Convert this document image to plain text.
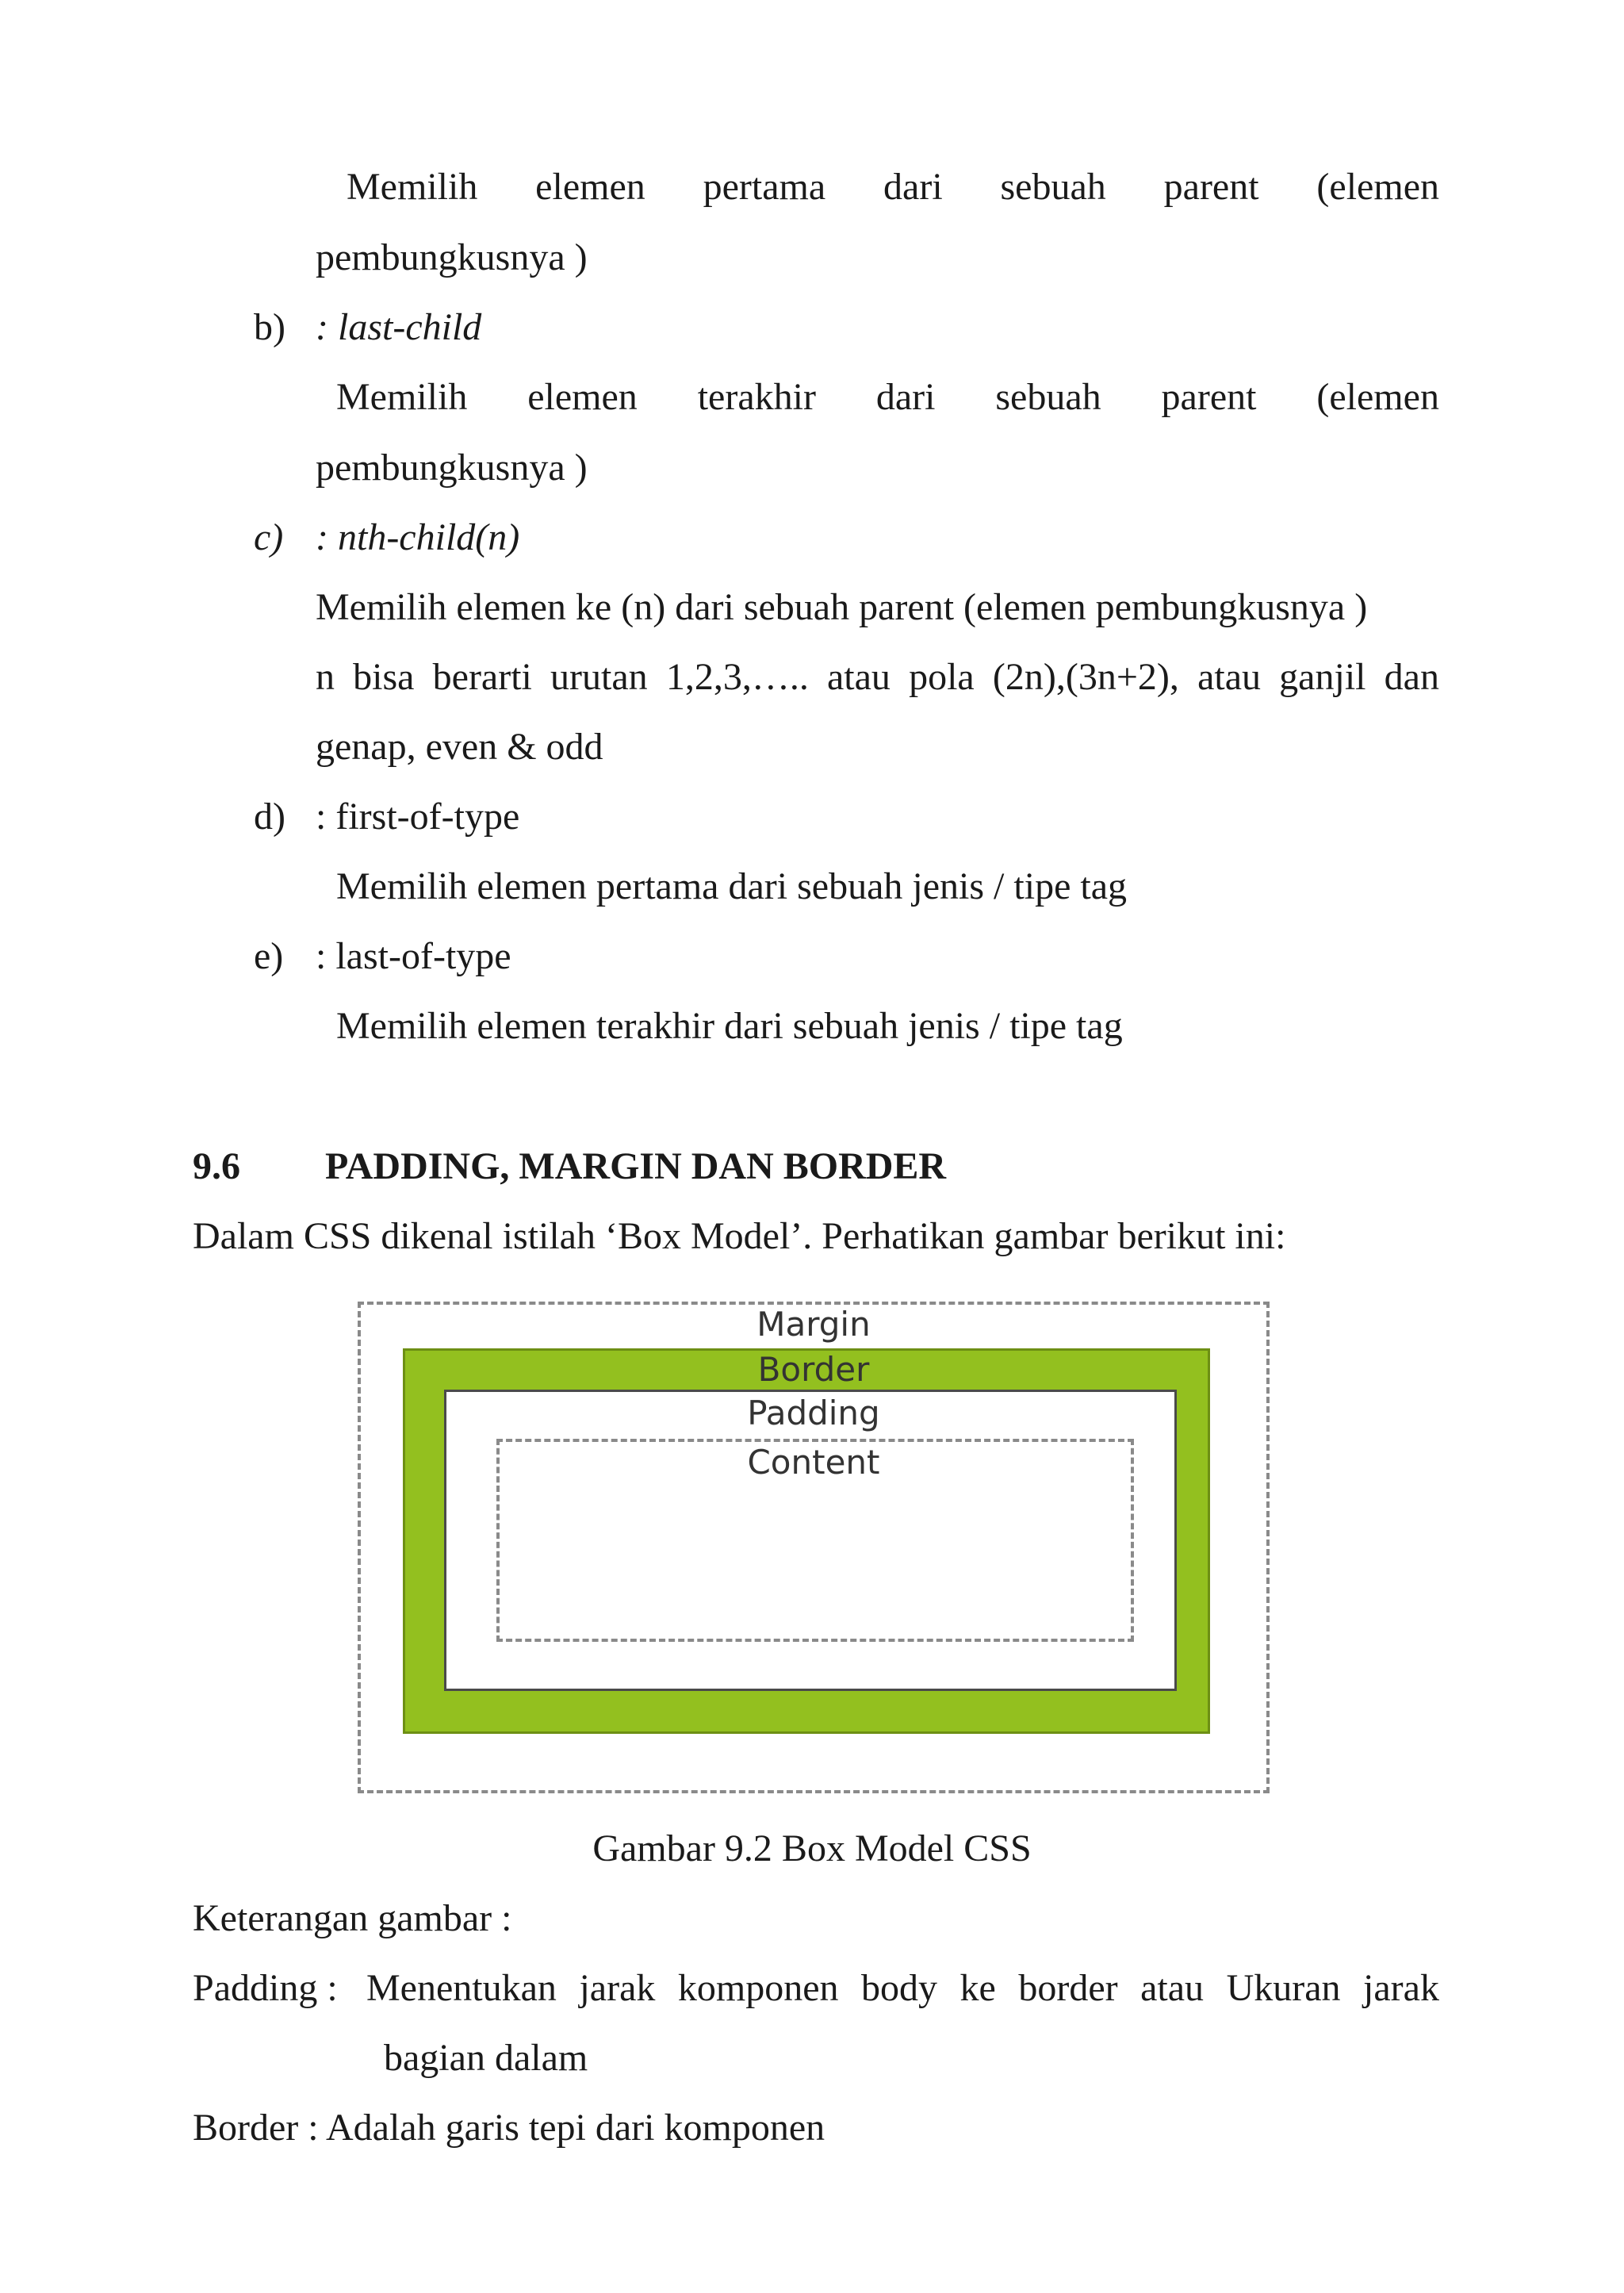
Memilih elemen pertama dari sebuah parent (elemen
pembungkusnya )
b) : last-child
Memilih elemen terakhir dari sebuah parent (elemen
pembungkusnya )
c) : nth-child(n)
Memilih elemen ke (n) dari sebuah parent (elemen pembungkusnya )
n bisa berarti urutan 1,2,3,….. atau pola (2n),(3n+2), atau ganjil dan
genap, even & odd
d) : first-of-type
Memilih elemen pertama dari sebuah jenis / tipe tag
e) : last-of-type
Memilih elemen terakhir dari sebuah jenis / tipe tag
9.6 PADDING, MARGIN DAN BORDER
Dalam CSS dikenal istilah ‘Box Model’. Perhatikan gambar berikut ini:
Margin
Border
Padding
Content
Gambar 9.2 Box Model CSS
Keterangan gambar :
Padding : Menentukan jarak komponen body ke border atau Ukuran jarak
bagian dalam
Border : Adalah garis tepi dari komponen
